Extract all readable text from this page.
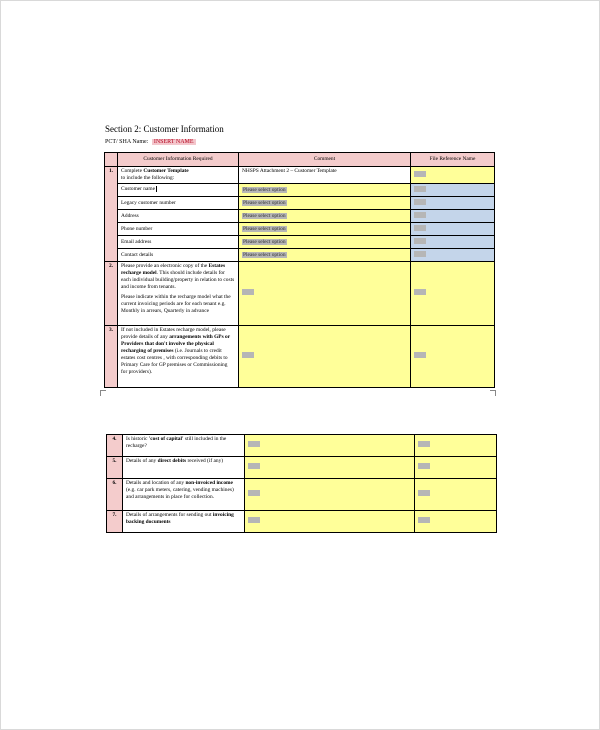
Section 2: Customer Information
PCT/ SHA Name: INSERT NAME
	Customer Information Required	Comment	File Reference Name
1.	Complete Customer Template
to include the following:	NHSPS Attachment 2 – Customer Template	
	Customer name	Please select option	
	Legacy customer number	Please select option	
	Address	Please select option	
	Phone number	Please select option	
	Email address	Please select option	
	Contact details	Please select option	
2.	Please provide an electronic copy of the Estates recharge model. This should include details for each individual building/property in relation to costs and income from tenants.
Please indicate within the recharge model what the current invoicing periods are for each tenant e.g. Monthly in arrears, Quarterly in advance		

3.	If not included in Estates recharge model, please provide details of any arrangements with GPs or Providers that don't involve the physical recharging of premises (i.e. Journals to credit estates cost centres , with corresponding debits to Primary Care for GP premises or Commissioning for providers).		
4.	Is historic 'cost of capital' still included in the recharge?		
5.	Details of any direct debits received (if any)		
6.	Details and location of any non-invoiced income (e.g. car park meters, catering, vending machines) and arrangements in place for collection.		
7.	Details of arrangements for sending out invoicing backing documents		
